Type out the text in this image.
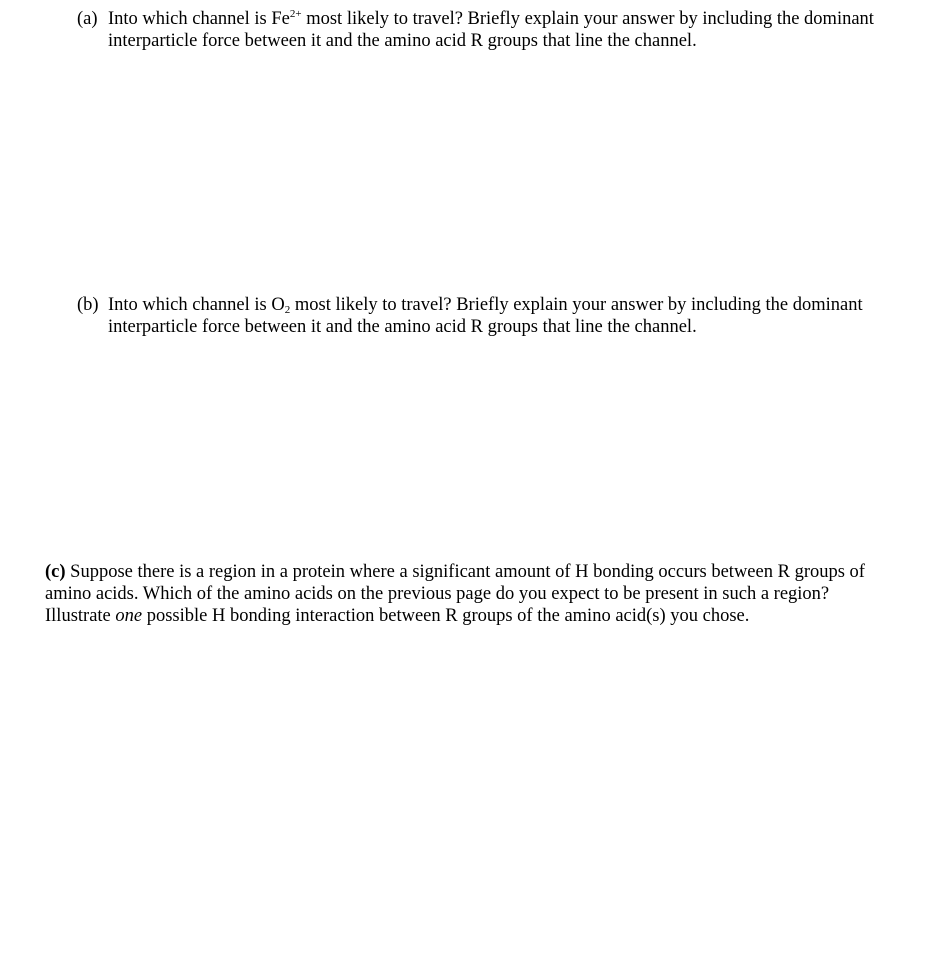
(a) Into which channel is $Fe^{2+}$ most likely to travel? Briefly explain your answer by including the dominant interparticle force between it and the amino acid R groups that line the channel.
(b) Into which channel is $O_2$ most likely to travel? Briefly explain your answer by including the dominant interparticle force between it and the amino acid R groups that line the channel.
(c) Suppose there is a region in a protein where a significant amount of H bonding occurs between R groups of amino acids. Which of the amino acids on the previous page do you expect to be present in such a region? Illustrate one possible H bonding interaction between R groups of the amino acid(s) you chose.
